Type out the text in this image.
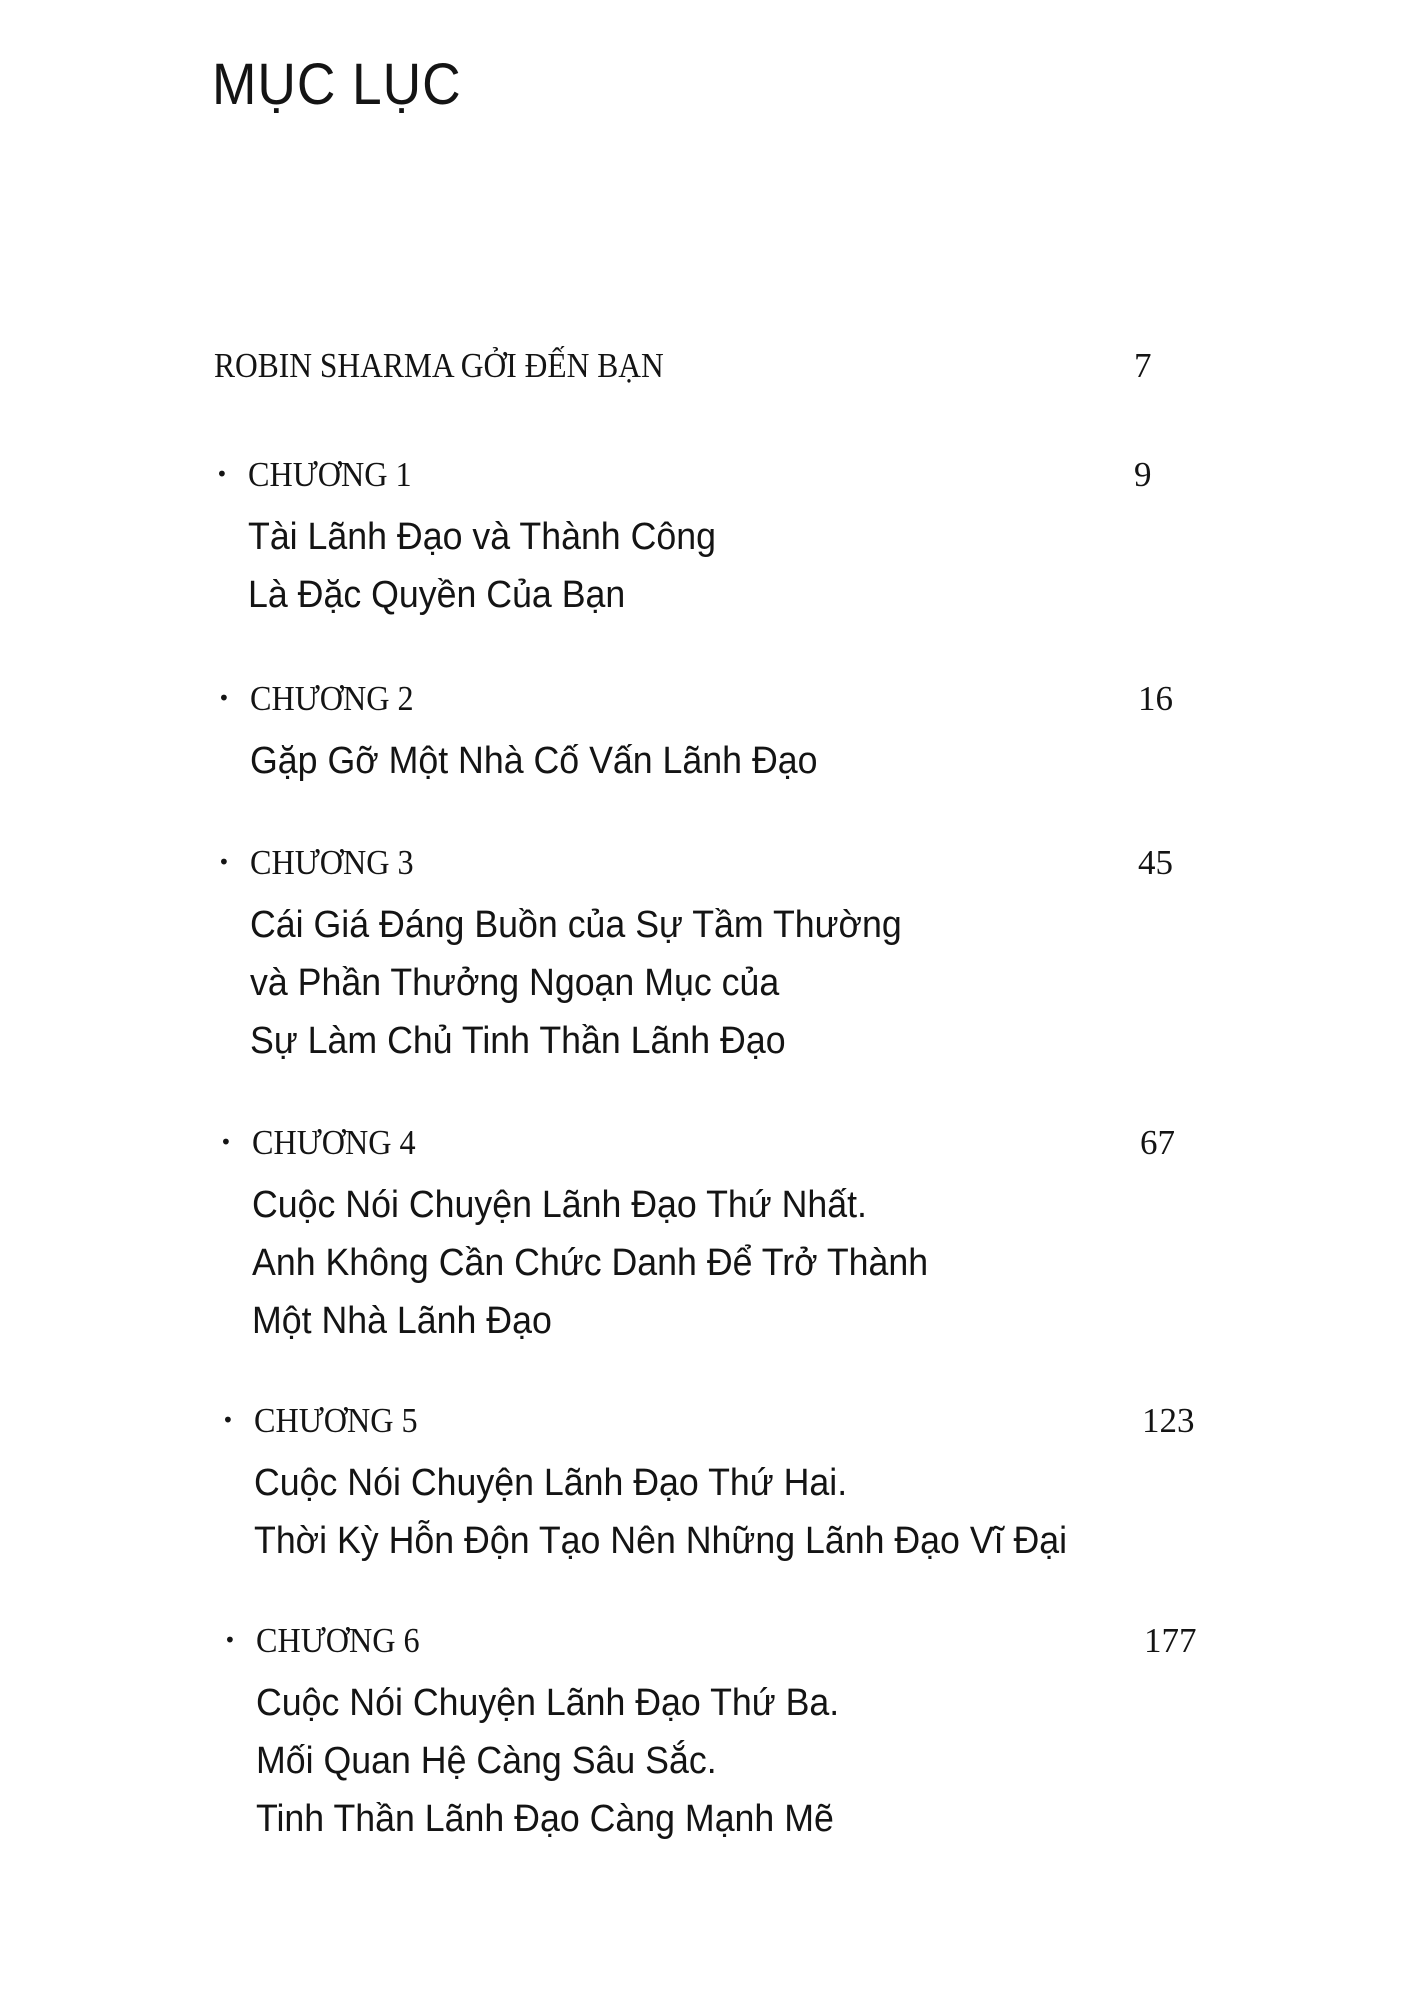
MỤC LỤC
ROBIN SHARMA GỞI ĐẾN BẠN	7
• CHƯƠNG 1	9
Tài Lãnh Đạo và Thành Công
Là Đặc Quyền Của Bạn
• CHƯƠNG 2	16
Gặp Gỡ Một Nhà Cố Vấn Lãnh Đạo
• CHƯƠNG 3	45
Cái Giá Đáng Buồn của Sự Tầm Thường
và Phần Thưởng Ngoạn Mục của
Sự Làm Chủ Tinh Thần Lãnh Đạo
• CHƯƠNG 4	67
Cuộc Nói Chuyện Lãnh Đạo Thứ Nhất.
Anh Không Cần Chức Danh Để Trở Thành
Một Nhà Lãnh Đạo
• CHƯƠNG 5	123
Cuộc Nói Chuyện Lãnh Đạo Thứ Hai.
Thời Kỳ Hỗn Độn Tạo Nên Những Lãnh Đạo Vĩ Đại
• CHƯƠNG 6	177
Cuộc Nói Chuyện Lãnh Đạo Thứ Ba.
Mối Quan Hệ Càng Sâu Sắc.
Tinh Thần Lãnh Đạo Càng Mạnh Mẽ
